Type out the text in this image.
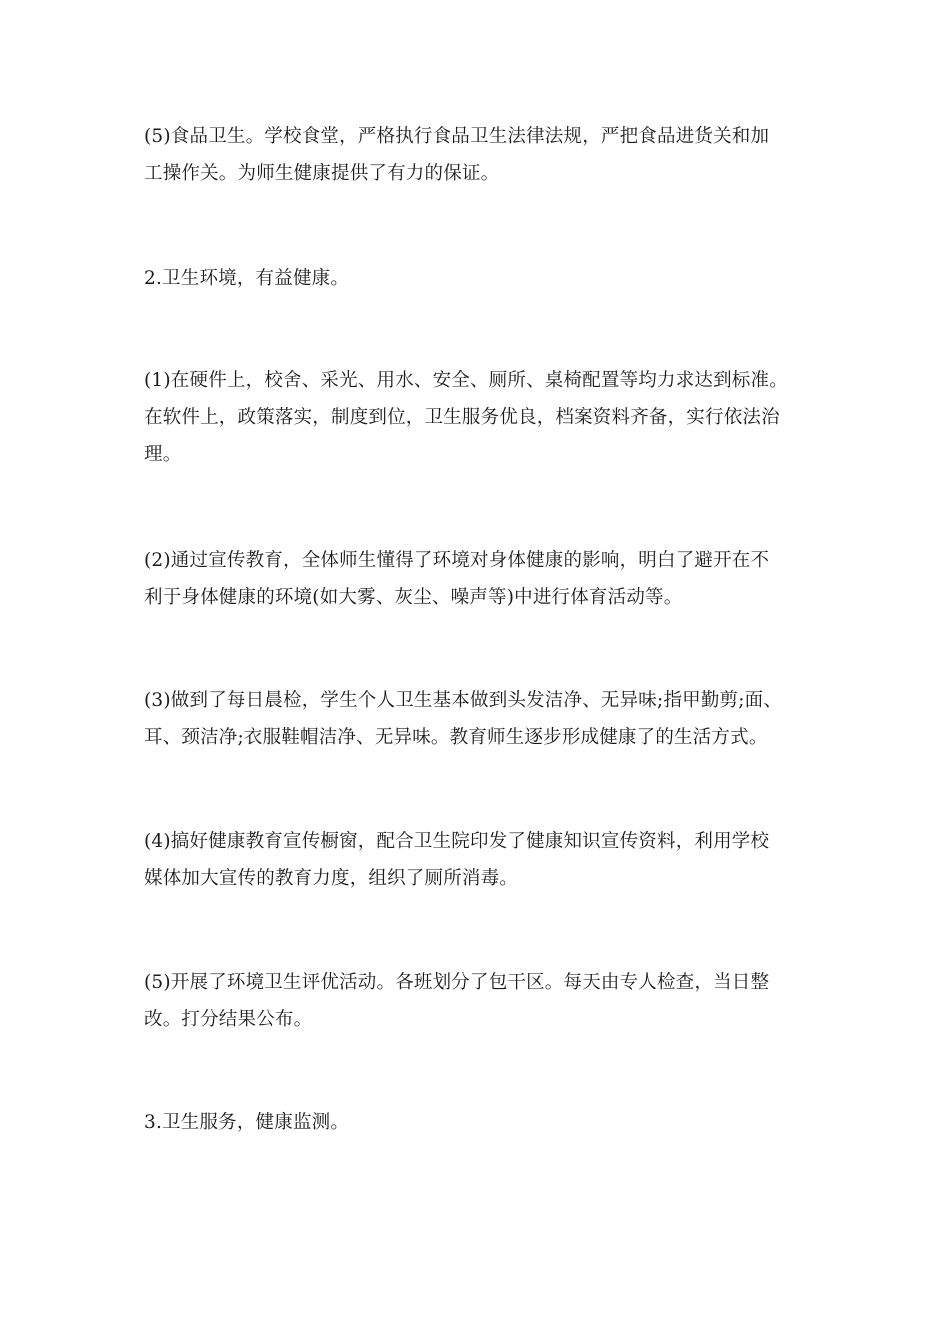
(5)食品卫生。学校食堂，严格执行食品卫生法律法规，严把食品进货关和加
工操作关。为师生健康提供了有力的保证。

2.卫生环境，有益健康。

(1)在硬件上，校舍、采光、用水、安全、厕所、桌椅配置等均力求达到标准。
在软件上，政策落实，制度到位，卫生服务优良，档案资料齐备，实行依法治
理。

(2)通过宣传教育，全体师生懂得了环境对身体健康的影响，明白了避开在不
利于身体健康的环境(如大雾、灰尘、噪声等)中进行体育活动等。

(3)做到了每日晨检，学生个人卫生基本做到头发洁净、无异味;指甲勤剪;面、
耳、颈洁净;衣服鞋帽洁净、无异味。教育师生逐步形成健康了的生活方式。

(4)搞好健康教育宣传橱窗，配合卫生院印发了健康知识宣传资料，利用学校
媒体加大宣传的教育力度，组织了厕所消毒。

(5)开展了环境卫生评优活动。各班划分了包干区。每天由专人检查，当日整
改。打分结果公布。

3.卫生服务，健康监测。
